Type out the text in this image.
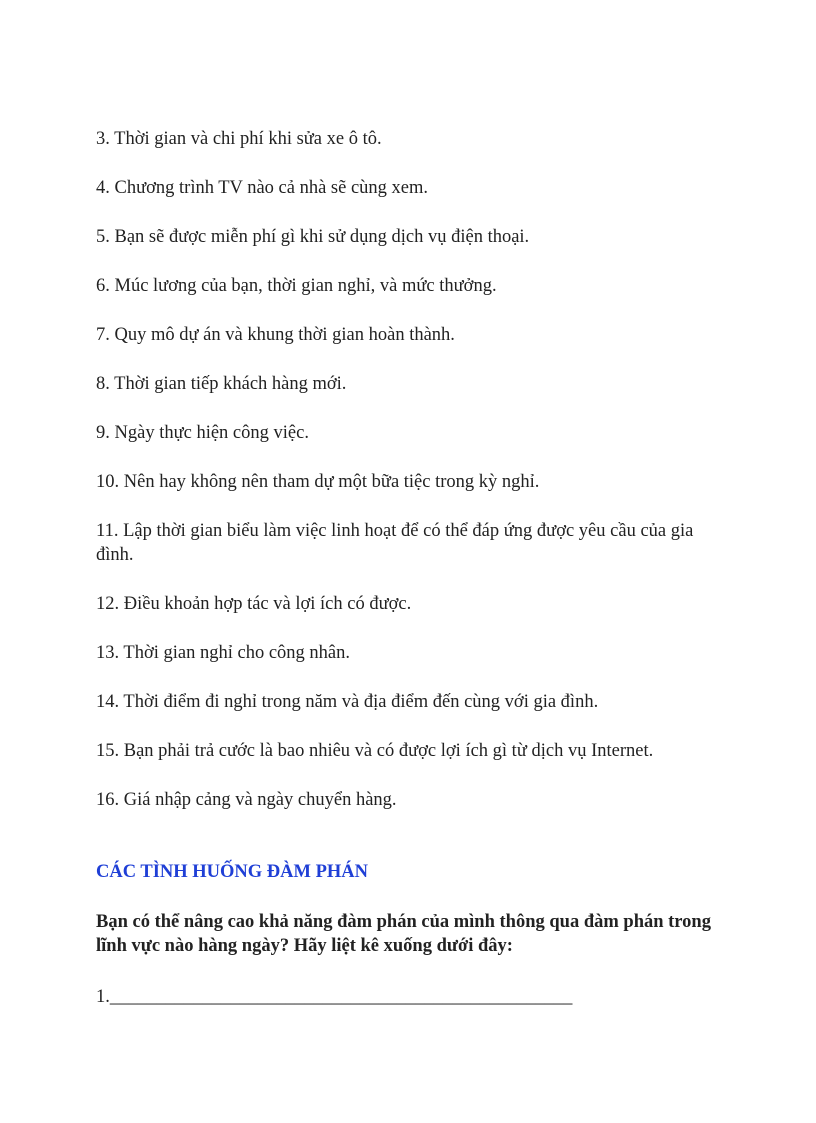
3. Thời gian và chi phí khi sửa xe ô tô.
4. Chương trình TV nào cả nhà sẽ cùng xem.
5. Bạn sẽ được miễn phí gì khi sử dụng dịch vụ điện thoại.
6. Múc lương của bạn, thời gian nghỉ, và mức thưởng.
7. Quy mô dự án và khung thời gian hoàn thành.
8. Thời gian tiếp khách hàng mới.
9. Ngày thực hiện công việc.
10. Nên hay không nên tham dự một bữa tiệc trong kỳ nghỉ.
11. Lập thời gian biểu làm việc linh hoạt để có thể đáp ứng được yêu cầu của gia đình.
12. Điều khoản hợp tác và lợi ích có được.
13. Thời gian nghỉ cho công nhân.
14. Thời điểm đi nghỉ trong năm và địa điểm đến cùng với gia đình.
15. Bạn phải trả cước là bao nhiêu và có được lợi ích gì từ dịch vụ Internet.
16. Giá nhập cảng và ngày chuyển hàng.
CÁC TÌNH HUỐNG ĐÀM PHÁN
Bạn có thể nâng cao khả năng đàm phán của mình thông qua đàm phán trong lĩnh vực nào hàng ngày? Hãy liệt kê xuống dưới đây:
1.__________________________________________________
